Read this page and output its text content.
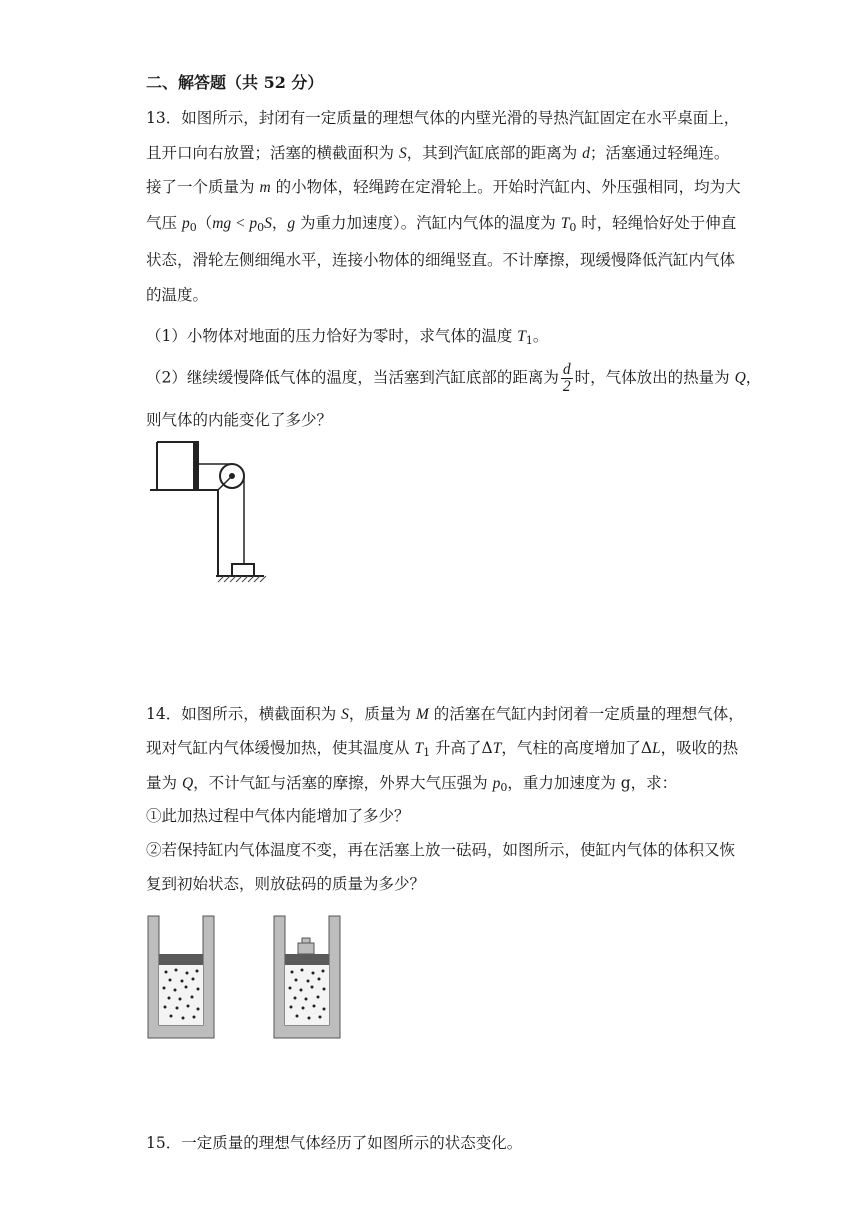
二、解答题（共 52 分）
13．如图所示，封闭有一定质量的理想气体的内壁光滑的导热汽缸固定在水平桌面上，
且开口向右放置；活塞的横截面积为 S，其到汽缸底部的距离为 d；活塞通过轻绳连。
接了一个质量为 m 的小物体，轻绳跨在定滑轮上。开始时汽缸内、外压强相同，均为大
气压 $p_0(mg < p_0S$，g 为重力加速度）。汽缸内气体的温度为 $T_0$ 时，轻绳恰好处于伸直
状态，滑轮左侧细绳水平，连接小物体的细绳竖直。不计摩擦，现缓慢降低汽缸内气体
的温度。
（1）小物体对地面的压力恰好为零时，求气体的温度 $T_1$。
（2）继续缓慢降低气体的温度，当活塞到汽缸底部的距离为 $\frac{d}{2}$ 时，气体放出的热量为 Q，
则气体的内能变化了多少？
14．如图所示，横截面积为 S，质量为 M 的活塞在气缸内封闭着一定质量的理想气体，
现对气缸内气体缓慢加热，使其温度从 $T_1$ 升高了ΔT，气柱的高度增加了ΔL，吸收的热
量为 Q，不计气缸与活塞的摩擦，外界大气压强为 $p_0$，重力加速度为 g，求：
①此加热过程中气体内能增加了多少？
②若保持缸内气体温度不变，再在活塞上放一砝码，如图所示，使缸内气体的体积又恢
复到初始状态，则放砝码的质量为多少？
15．一定质量的理想气体经历了如图所示的状态变化。
